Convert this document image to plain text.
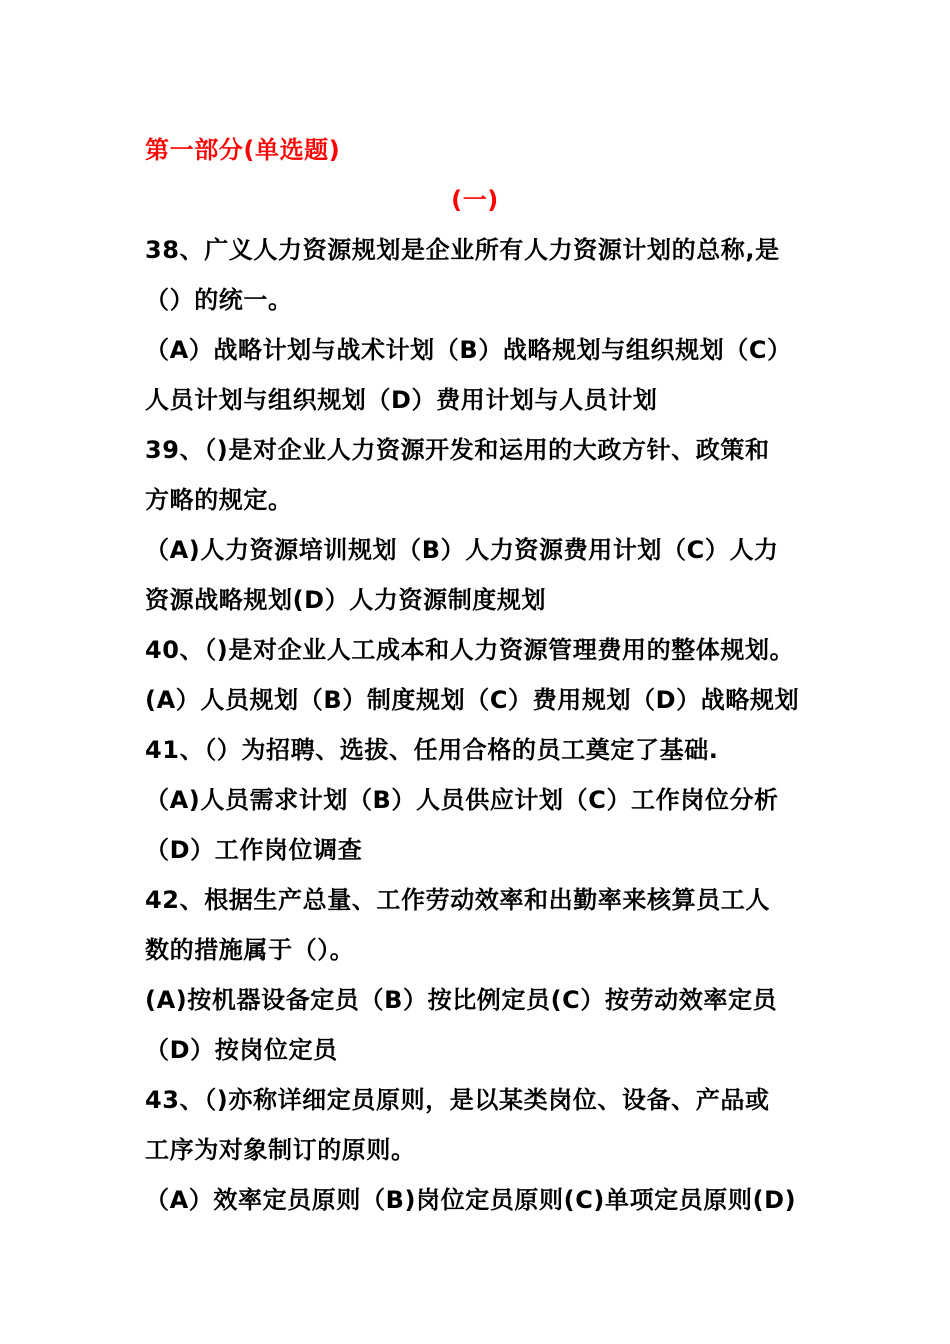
第一部分(单选题)
(一)
38、广义人力资源规划是企业所有人力资源计划的总称,是
（）的统一。
（A）战略计划与战术计划（B）战略规划与组织规划（C）
人员计划与组织规划（D）费用计划与人员计划
39、（)是对企业人力资源开发和运用的大政方针、政策和
方略的规定。
（A)人力资源培训规划（B）人力资源费用计划（C）人力
资源战略规划(D）人力资源制度规划
40、（)是对企业人工成本和人力资源管理费用的整体规划。
(A）人员规划（B）制度规划（C）费用规划（D）战略规划
41、（）为招聘、选拔、任用合格的员工奠定了基础.
（A)人员需求计划（B）人员供应计划（C）工作岗位分析
（D）工作岗位调查
42、根据生产总量、工作劳动效率和出勤率来核算员工人
数的措施属于（）。
(A)按机器设备定员（B）按比例定员(C）按劳动效率定员
（D）按岗位定员
43、（)亦称详细定员原则，是以某类岗位、设备、产品或
工序为对象制订的原则。
（A）效率定员原则（B)岗位定员原则(C)单项定员原则(D)
